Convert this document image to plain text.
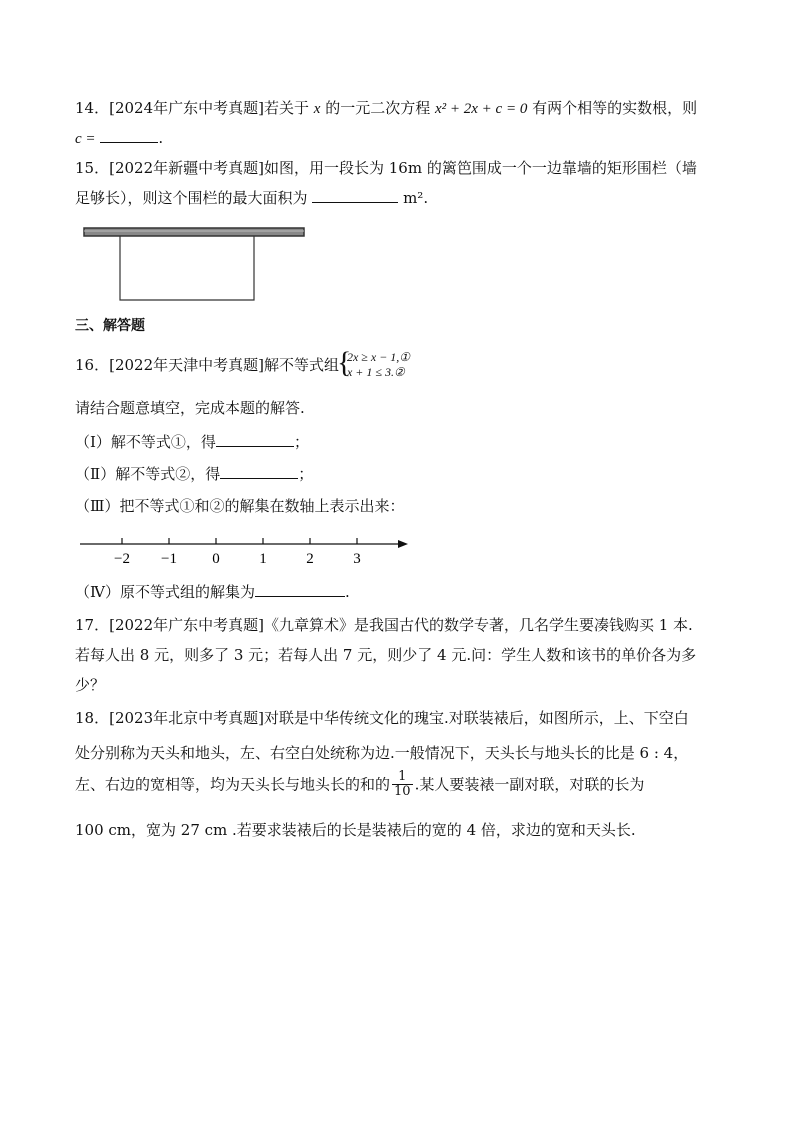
14．[2024年广东中考真题]若关于 x 的一元二次方程 x² + 2x + c = 0 有两个相等的实数根，则
c =	.
15．[2022年新疆中考真题]如图，用一段长为 16m 的篱笆围成一个一边靠墙的矩形围栏（墙
足够长），则这个围栏的最大面积为	m².
三、解答题
16．[2022年天津中考真题]解不等式组
{ 2x ≥ x − 1,①
x + 1 ≤ 3.②
请结合题意填空，完成本题的解答.
（Ⅰ）解不等式①，得	；
（Ⅱ）解不等式②，得	；
（Ⅲ）把不等式①和②的解集在数轴上表示出来：
−2 −1 0	1	2	3
（Ⅳ）原不等式组的解集为	.
17．[2022年广东中考真题]《九章算术》是我国古代的数学专著，几名学生要凑钱购买 1 本.
若每人出 8 元，则多了 3 元；若每人出 7 元，则少了 4 元.问：学生人数和该书的单价各为多
少？
18．[2023年北京中考真题]对联是中华传统文化的瑰宝.对联装裱后，如图所示，上、下空白
处分别称为天头和地头，左、右空白处统称为边.一般情况下，天头长与地头长的比是 6 : 4，
左、右边的宽相等，均为天头长与地头长的和的 $\frac{1}{10}$ .某人要装裱一副对联，对联的长为
100 cm，宽为 27 cm .若要求装裱后的长是装裱后的宽的 4 倍，求边的宽和天头长.
